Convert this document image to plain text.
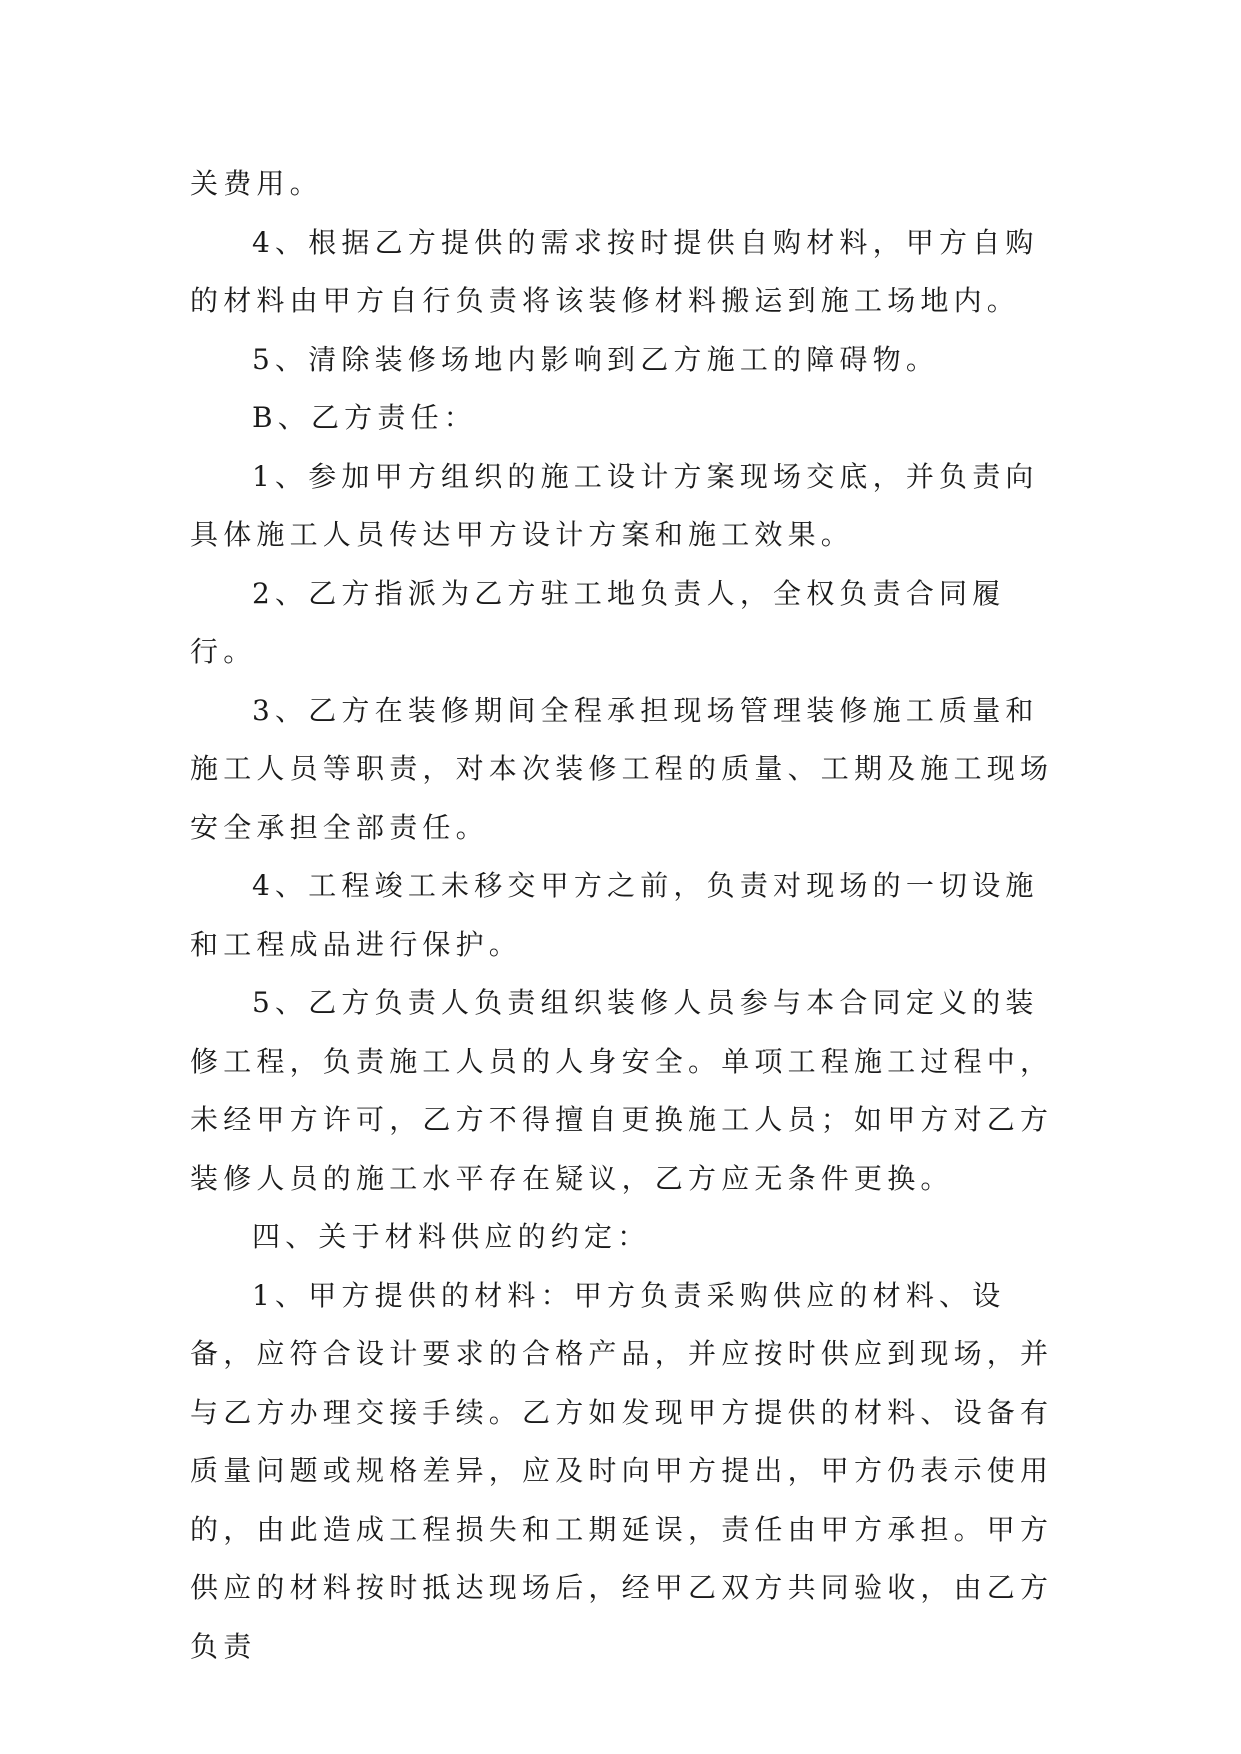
关费用。

4、根据乙方提供的需求按时提供自购材料，甲方自购的材料由甲方自行负责将该装修材料搬运到施工场地内。

5、清除装修场地内影响到乙方施工的障碍物。

B、乙方责任：

1、参加甲方组织的施工设计方案现场交底，并负责向具体施工人员传达甲方设计方案和施工效果。

2、乙方指派为乙方驻工地负责人，全权负责合同履行。

3、乙方在装修期间全程承担现场管理装修施工质量和施工人员等职责，对本次装修工程的质量、工期及施工现场安全承担全部责任。

4、工程竣工未移交甲方之前，负责对现场的一切设施和工程成品进行保护。

5、乙方负责人负责组织装修人员参与本合同定义的装修工程，负责施工人员的人身安全。单项工程施工过程中，未经甲方许可，乙方不得擅自更换施工人员；如甲方对乙方装修人员的施工水平存在疑议，乙方应无条件更换。

四、关于材料供应的约定：

1、甲方提供的材料：甲方负责采购供应的材料、设备，应符合设计要求的合格产品，并应按时供应到现场，并与乙方办理交接手续。乙方如发现甲方提供的材料、设备有质量问题或规格差异，应及时向甲方提出，甲方仍表示使用的，由此造成工程损失和工期延误，责任由甲方承担。甲方供应的材料按时抵达现场后，经甲乙双方共同验收，由乙方负责
